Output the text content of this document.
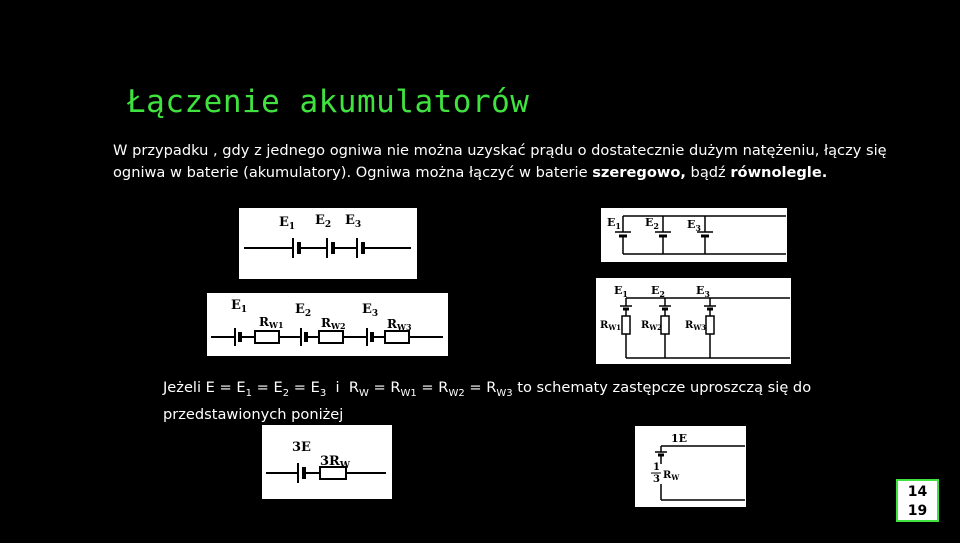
Łączenie akumulatorów
W przypadku , gdy z jednego ogniwa nie można uzyskać prądu o dostatecznie dużym natężeniu, łączy się ogniwa w baterie (akumulatory). Ogniwa można łączyć w baterie szeregowo, bądź równolegle.
$E_1$ $E_2$ $E_3$	$E_1$ $E_2$	$E_3$
$E_1$	$E_2$	$E_3$
RW1	RW2	RW3
$E_1$ $E_2$	$E_3$
$R_{W1}$ $R_{W2}$ $R_{W3}$
Jeżeli $E = E_1 = E_2 = E_3$  i  $R_W = R_{W1} = R_{W2} = R_{W3}$ to schematy zastępcze uproszczą się do przedstawionych poniżej
3E
$3R_W$
1E
1
3 $R_W$
14
19
